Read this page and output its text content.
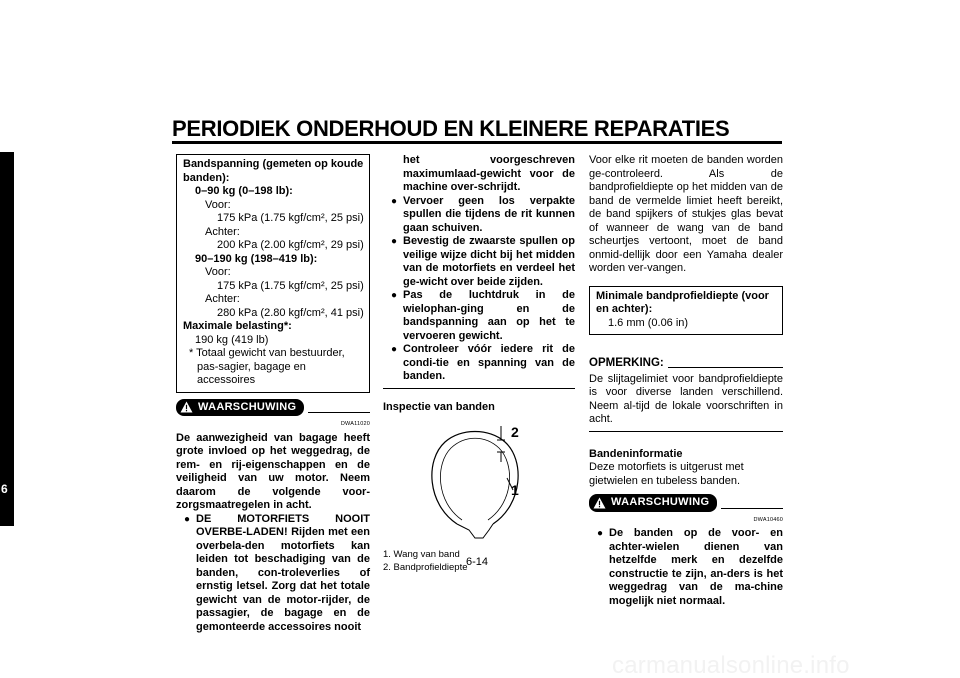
PERIODIEK ONDERHOUD EN KLEINERE REPARATIES
6
Bandspanning (gemeten op koude banden):
0–90 kg (0–198 lb):
Voor:
175 kPa (1.75 kgf/cm², 25 psi)
Achter:
200 kPa (2.00 kgf/cm², 29 psi)
90–190 kg (198–419 lb):
Voor:
175 kPa (1.75 kgf/cm², 25 psi)
Achter:
280 kPa (2.80 kgf/cm², 41 psi)
Maximale belasting*:
190 kg (419 lb)
* Totaal gewicht van bestuurder, pas-sagier, bagage en accessoires
WAARSCHUWING
DWA11020
De aanwezigheid van bagage heeft grote invloed op het weggedrag, de rem- en rij-eigenschappen en de veiligheid van uw motor. Neem daarom de volgende voor-zorgsmaatregelen in acht.
● DE MOTORFIETS NOOIT OVERBE-LADEN! Rijden met een overbela-den motorfiets kan leiden tot beschadiging van de banden, con-troleverlies of ernstig letsel. Zorg dat het totale gewicht van de motor-rijder, de passagier, de bagage en de gemonteerde accessoires nooit
het voorgeschreven maximumlaad-gewicht voor de machine over-schrijdt.
● Vervoer geen los verpakte spullen die tijdens de rit kunnen gaan schuiven.
● Bevestig de zwaarste spullen op veilige wijze dicht bij het midden van de motorfiets en verdeel het ge-wicht over beide zijden.
● Pas de luchtdruk in de wielophan-ging en de bandspanning aan op het te vervoeren gewicht.
● Controleer vóór iedere rit de condi-tie en spanning van de banden.
Inspectie van banden
2
1
1. Wang van band
2. Bandprofieldiepte
Voor elke rit moeten de banden worden ge-controleerd. Als de bandprofieldiepte op het midden van de band de vermelde limiet heeft bereikt, de band spijkers of stukjes glas bevat of wanneer de wang van de band scheurtjes vertoont, moet de band onmid-dellijk door een Yamaha dealer worden ver-vangen.
Minimale bandprofieldiepte (voor en achter):
1.6 mm (0.06 in)
OPMERKING:
De slijtagelimiet voor bandprofieldiepte is voor diverse landen verschillend. Neem al-tijd de lokale voorschriften in acht.
Bandeninformatie
Deze motorfiets is uitgerust met gietwielen en tubeless banden.
WAARSCHUWING
DWA10460
● De banden op de voor- en achter-wielen dienen van hetzelfde merk en dezelfde constructie te zijn, an-ders is het weggedrag van de ma-chine mogelijk niet normaal.
6-14
carmanualsonline.info
